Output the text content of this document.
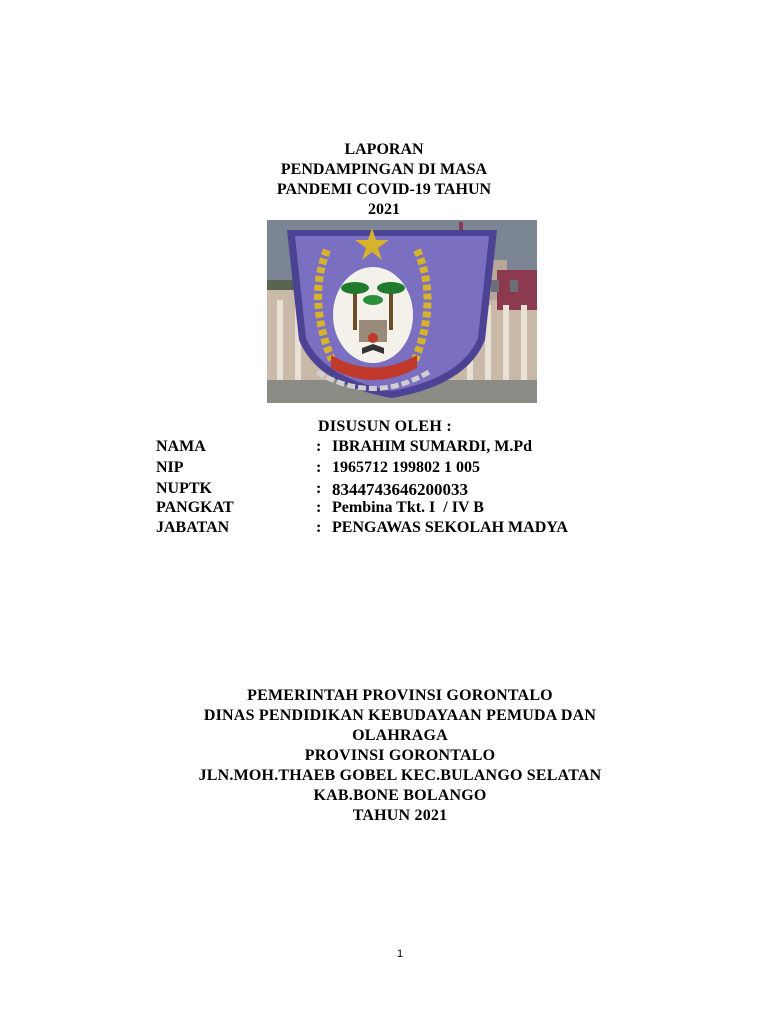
LAPORAN
PENDAMPINGAN DI MASA
PANDEMI COVID-19 TAHUN
2021
DISUSUN OLEH :
NAMA	: IBRAHIM SUMARDI, M.Pd
NIP	: 1965712 199802 1 005
NUPTK	: 8344743646200033
PANGKAT	: Pembina Tkt. I  / IV B
JABATAN	: PENGAWAS SEKOLAH MADYA
PEMERINTAH PROVINSI GORONTALO
DINAS PENDIDIKAN KEBUDAYAAN PEMUDA DAN
OLAHRAGA
PROVINSI GORONTALO
JLN.MOH.THAEB GOBEL KEC.BULANGO SELATAN
KAB.BONE BOLANGO
TAHUN 2021
1
